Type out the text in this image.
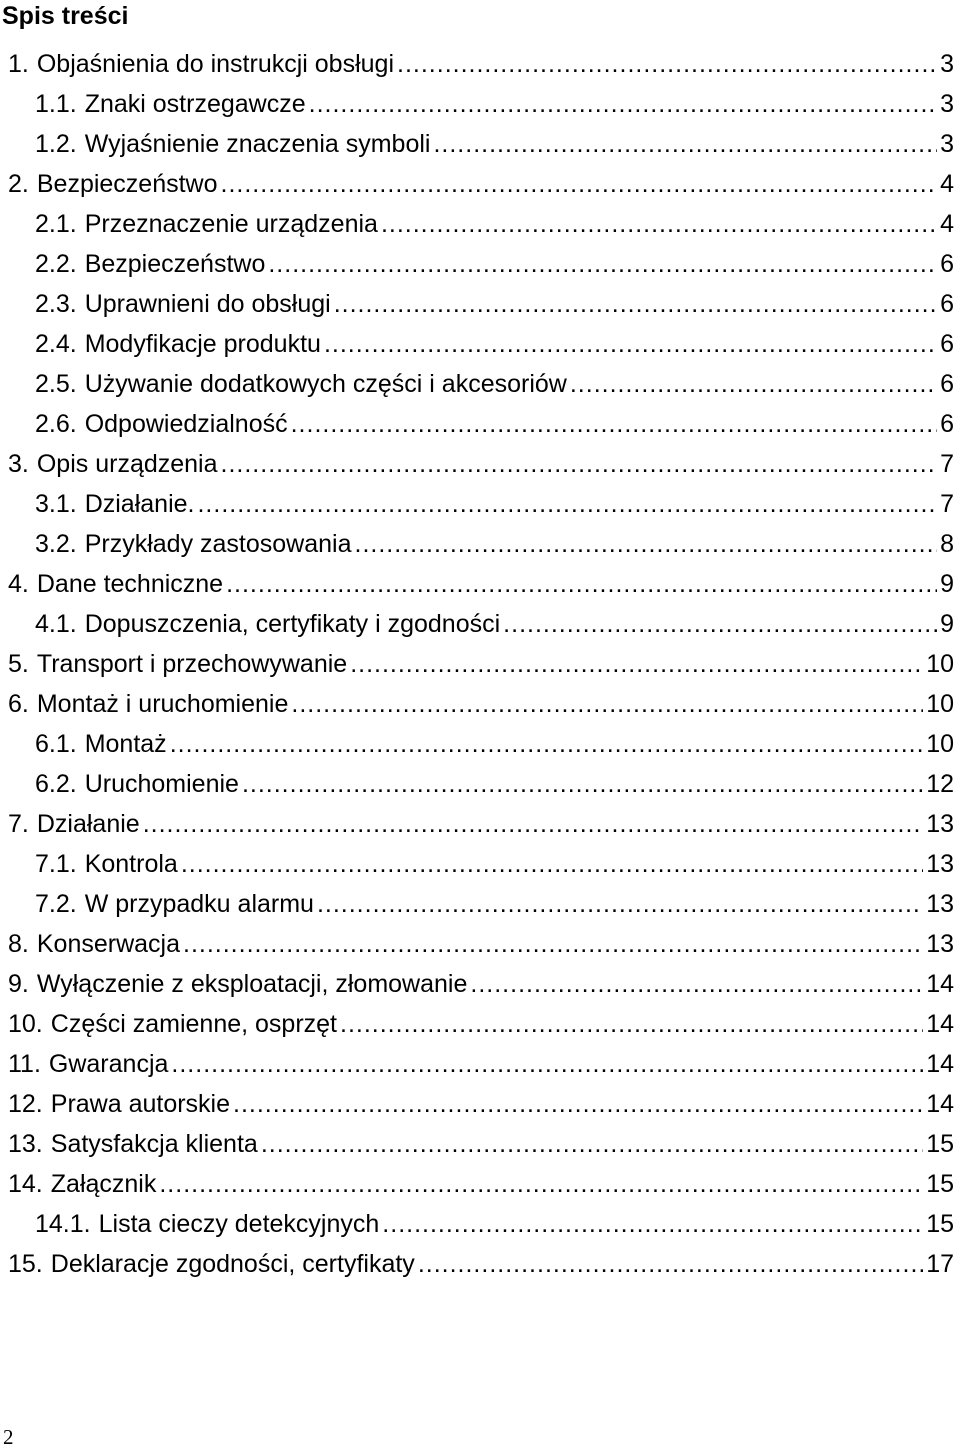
Spis treści
1. Objaśnienia do instrukcji obsługi .....	3
1.1. Znaki ostrzegawcze .....	3
1.2. Wyjaśnienie znaczenia symboli .....	3
2. Bezpieczeństwo .....	4
2.1. Przeznaczenie urządzenia .....	4
2.2. Bezpieczeństwo .....	6
2.3. Uprawnieni do obsługi .....	6
2.4. Modyfikacje produktu .....	6
2.5. Używanie dodatkowych części i akcesoriów .....	6
2.6. Odpowiedzialność .....	6
3. Opis urządzenia .....	7
3.1. Działanie. .....	7
3.2. Przykłady zastosowania .....	8
4. Dane techniczne .....	9
4.1. Dopuszczenia, certyfikaty i zgodności .....	9
5. Transport i przechowywanie .....	10
6. Montaż i uruchomienie .....	10
6.1. Montaż .....	10
6.2. Uruchomienie .....	12
7. Działanie .....	13
7.1. Kontrola .....	13
7.2. W przypadku alarmu .....	13
8. Konserwacja .....	13
9. Wyłączenie z eksploatacji, złomowanie .....	14
10. Części zamienne, osprzęt .....	14
11. Gwarancja .....	14
12. Prawa autorskie .....	14
13. Satysfakcja klienta .....	15
14. Załącznik .....	15
14.1. Lista cieczy detekcyjnych .....	15
15. Deklaracje zgodności, certyfikaty .....	17
2
